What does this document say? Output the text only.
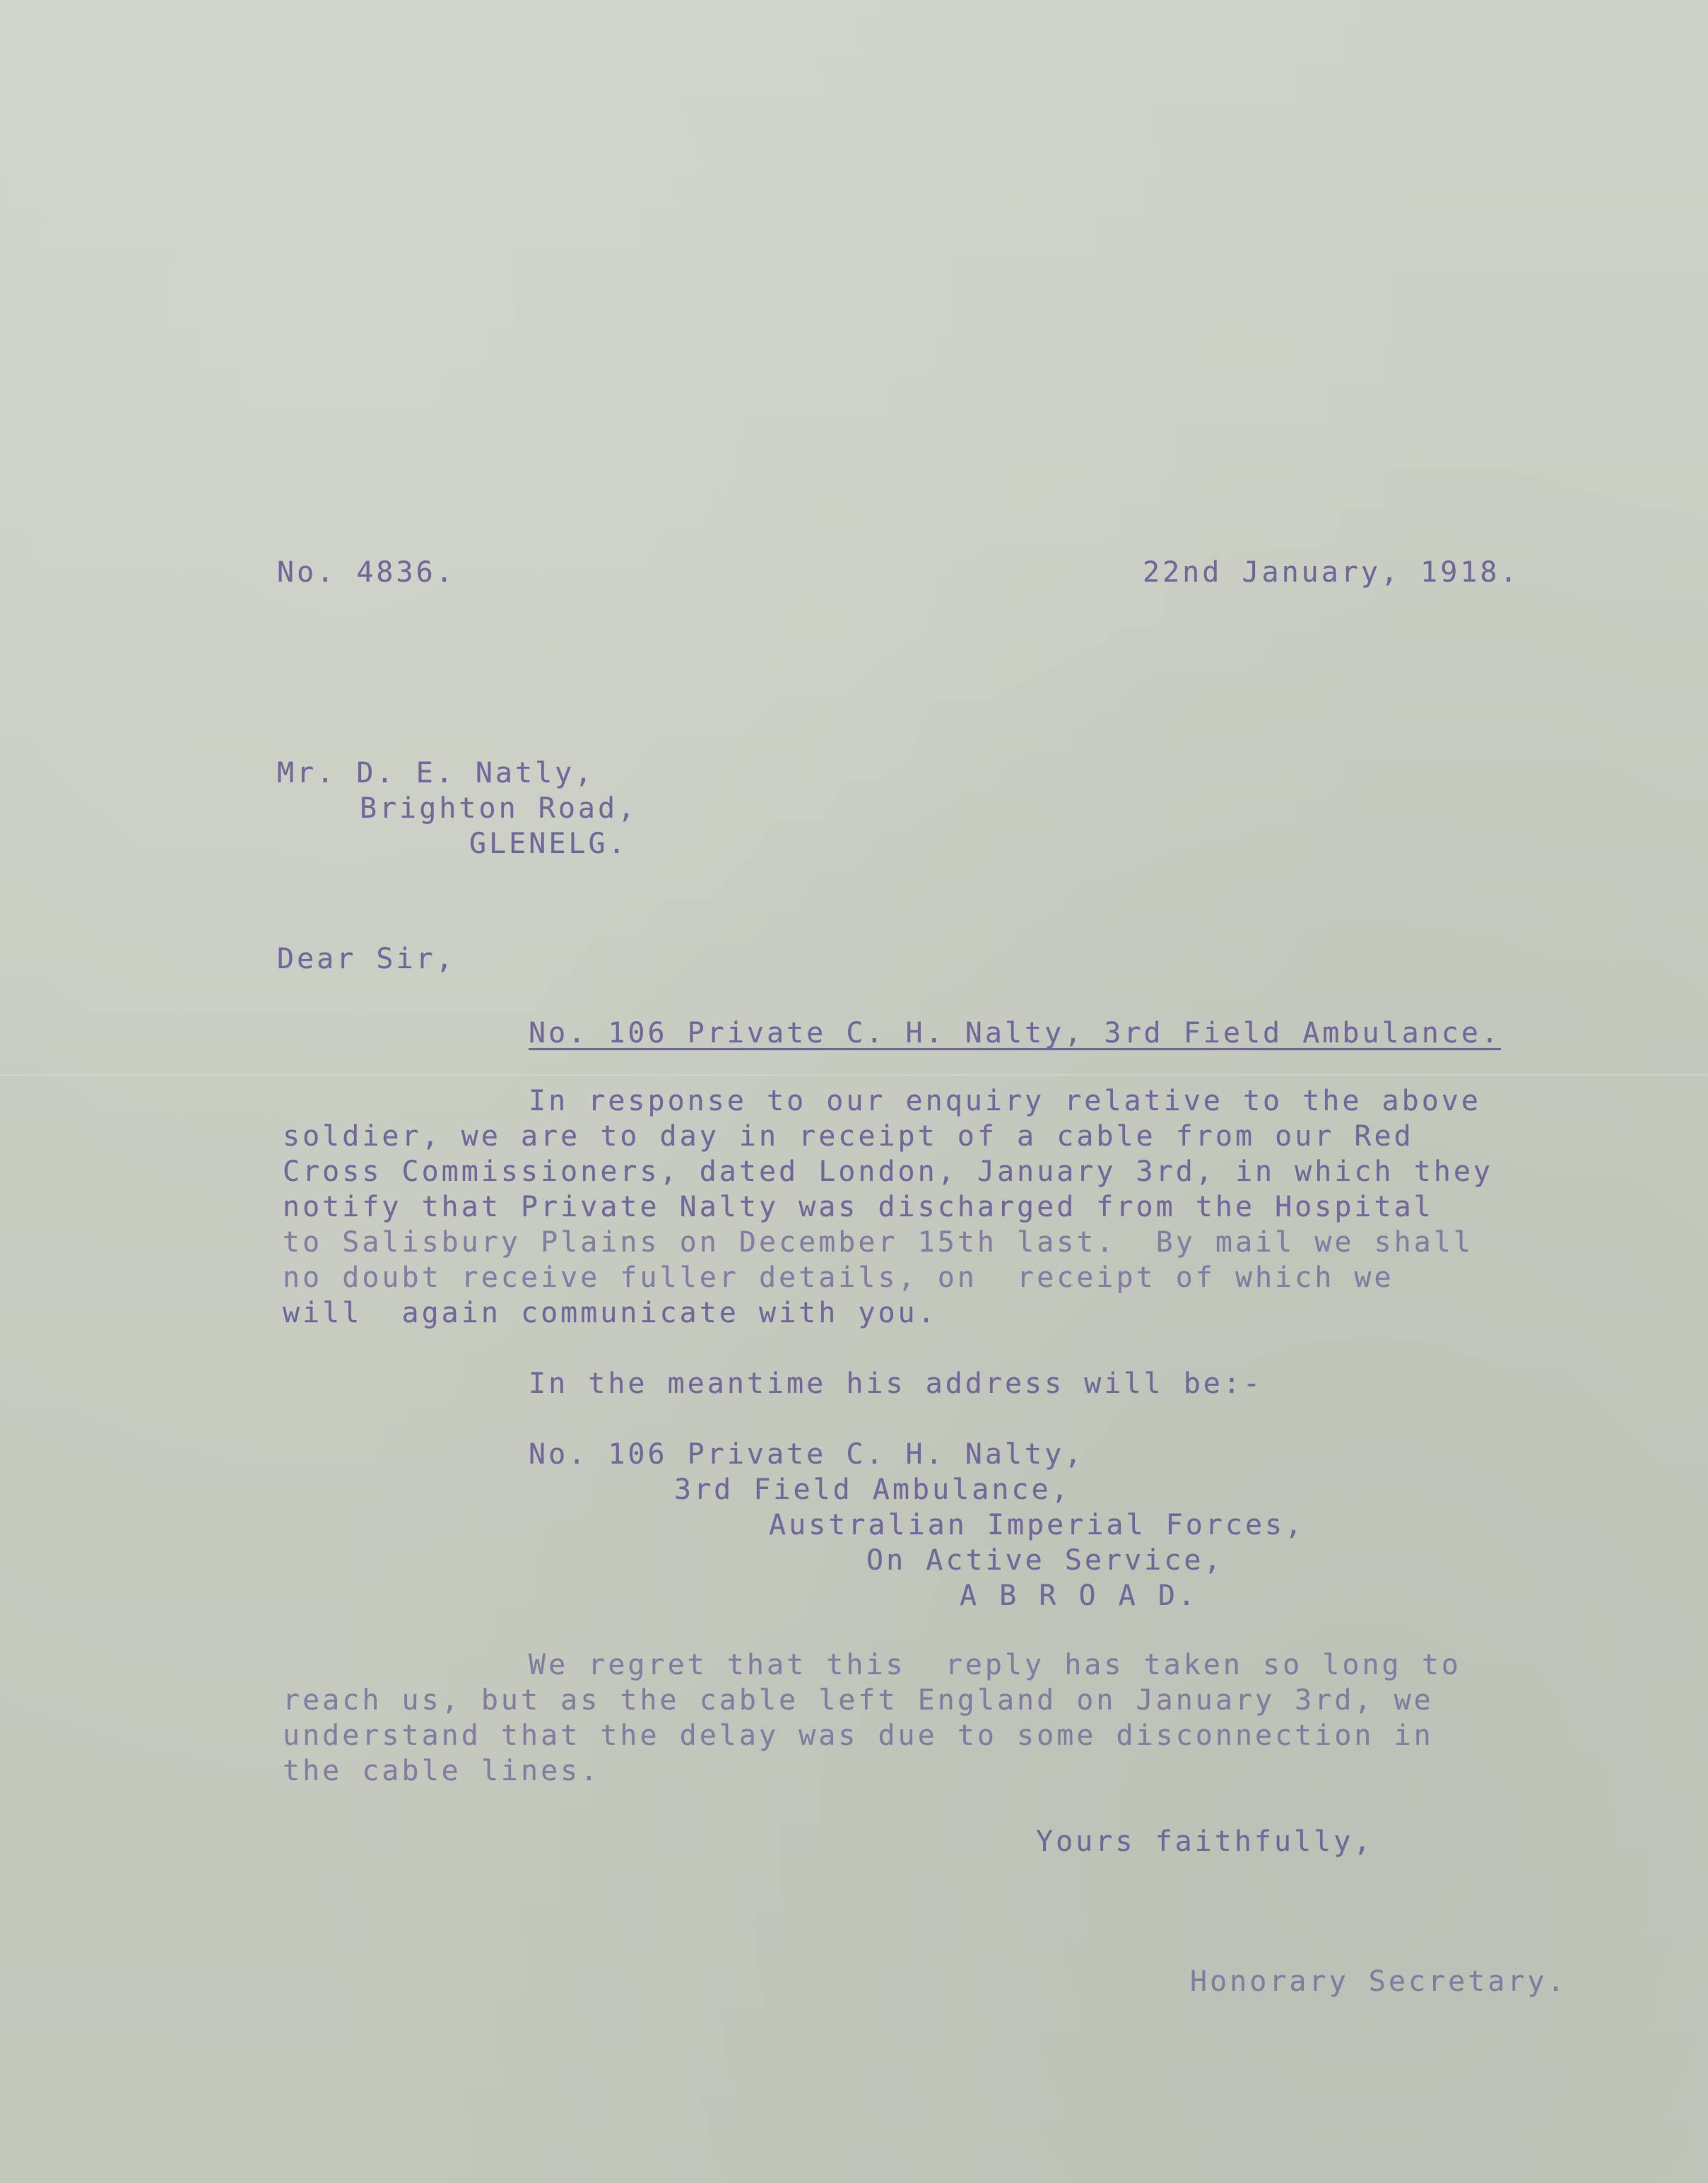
No. 4836.	22nd January, 1918.
Mr. D. E. Natly,
Brighton Road,
GLENELG.
Dear Sir,
No. 106 Private C. H. Nalty, 3rd Field Ambulance.
In response to our enquiry relative to the above
soldier, we are to day in receipt of a cable from our Red
Cross Commissioners, dated London, January 3rd, in which they
notify that Private Nalty was discharged from the Hospital
to Salisbury Plains on December 15th last.  By mail we shall
no doubt receive fuller details, on  receipt of which we
will  again communicate with you.
In the meantime his address will be:-
No. 106 Private C. H. Nalty,
3rd Field Ambulance,
Australian Imperial Forces,
On Active Service,
A B R O A D.
We regret that this  reply has taken so long to
reach us, but as the cable left England on January 3rd, we
understand that the delay was due to some disconnection in
the cable lines.
Yours faithfully,
Honorary Secretary.
